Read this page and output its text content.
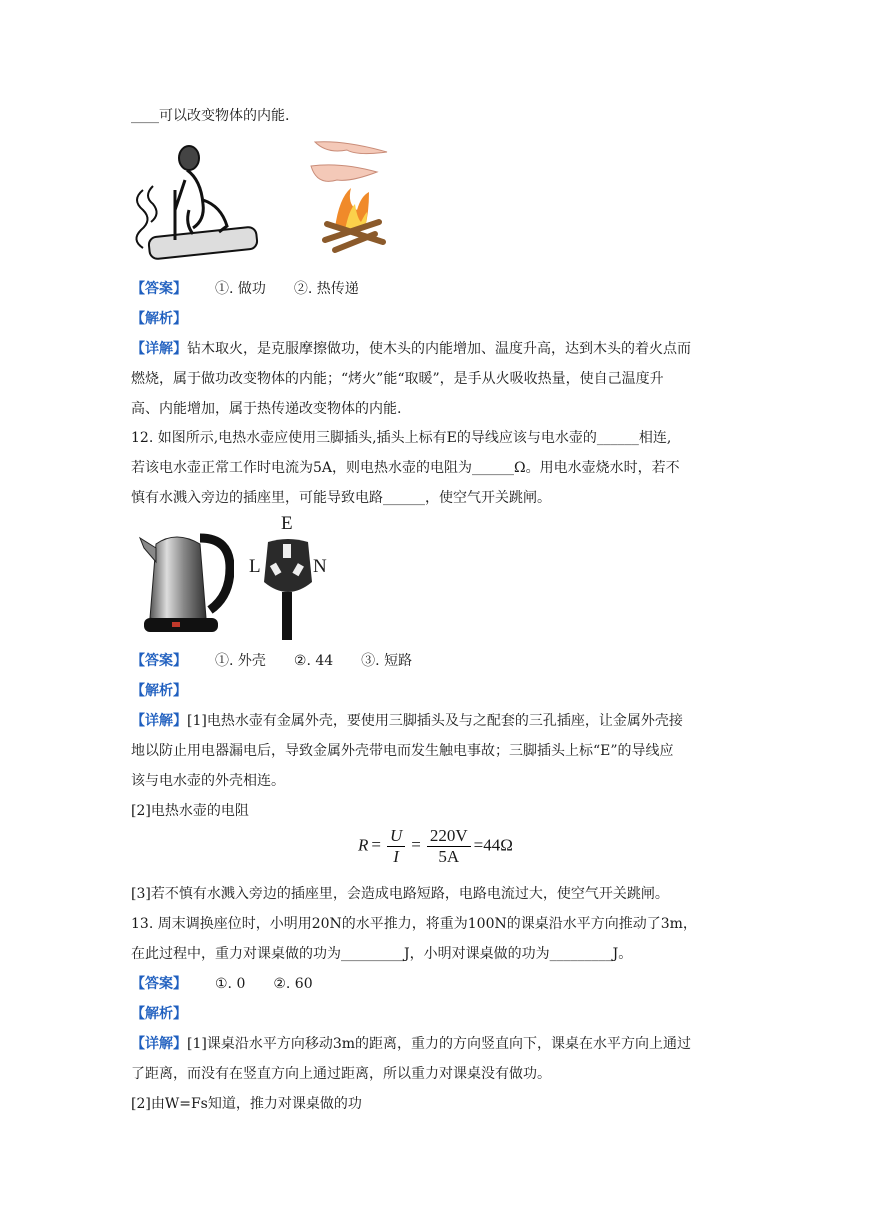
____可以改变物体的内能.
【答案】 ①. 做功 ②. 热传递
【解析】
【详解】钻木取火，是克服摩擦做功，使木头的内能增加、温度升高，达到木头的着火点而
燃烧，属于做功改变物体的内能；“烤火”能“取暖”，是手从火吸收热量，使自己温度升
高、内能增加，属于热传递改变物体的内能.
12. 如图所示,电热水壶应使用三脚插头,插头上标有E的导线应该与电水壶的______相连,
若该电水壶正常工作时电流为5A，则电热水壶的电阻为______Ω。用电水壶烧水时，若不
慎有水溅入旁边的插座里，可能导致电路______，使空气开关跳闸。
E
L	N
【答案】 ①. 外壳 ②. 44 ③. 短路
【解析】
【详解】[1]电热水壶有金属外壳，要使用三脚插头及与之配套的三孔插座，让金属外壳接
地以防止用电器漏电后，导致金属外壳带电而发生触电事故；三脚插头上标“E”的导线应
该与电水壶的外壳相连。
[2]电热水壶的电阻
$R = \frac{U}{I} = \frac{220V}{5A} =44\Omega$
[3]若不慎有水溅入旁边的插座里，会造成电路短路，电路电流过大，使空气开关跳闸。
13. 周末调换座位时，小明用20N的水平推力，将重为100N的课桌沿水平方向推动了3m，
在此过程中，重力对课桌做的功为_________J，小明对课桌做的功为_________J。
【答案】 ①. 0 ②. 60
【解析】
【详解】[1]课桌沿水平方向移动3m的距离，重力的方向竖直向下，课桌在水平方向上通过
了距离，而没有在竖直方向上通过距离，所以重力对课桌没有做功。
[2]由W=Fs知道，推力对课桌做的功
